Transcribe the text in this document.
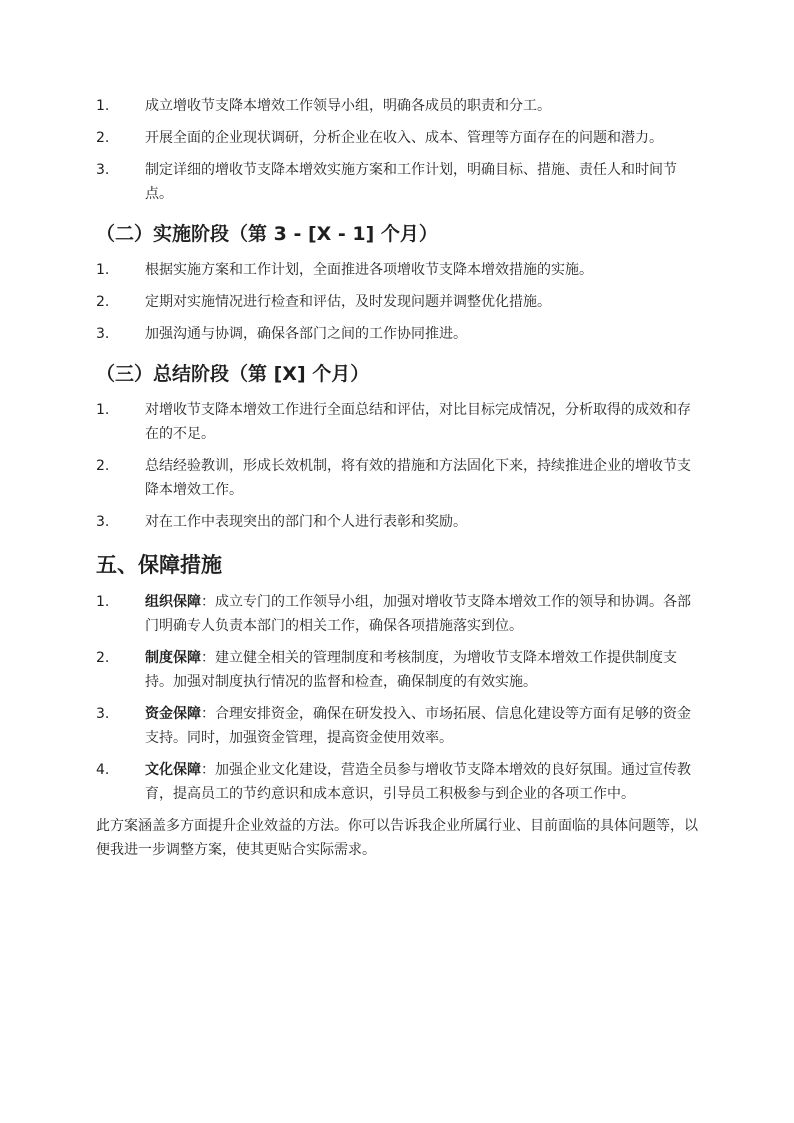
1.	成立增收节支降本增效工作领导小组，明确各成员的职责和分工。
2.	开展全面的企业现状调研，分析企业在收入、成本、管理等方面存在的问题和潜力。
3.	制定详细的增收节支降本增效实施方案和工作计划，明确目标、措施、责任人和时间节点。
（二）实施阶段（第 3 - [X - 1] 个月）
1.	根据实施方案和工作计划，全面推进各项增收节支降本增效措施的实施。
2.	定期对实施情况进行检查和评估，及时发现问题并调整优化措施。
3.	加强沟通与协调，确保各部门之间的工作协同推进。
（三）总结阶段（第 [X] 个月）
1.	对增收节支降本增效工作进行全面总结和评估，对比目标完成情况，分析取得的成效和存在的不足。
2.	总结经验教训，形成长效机制，将有效的措施和方法固化下来，持续推进企业的增收节支降本增效工作。
3.	对在工作中表现突出的部门和个人进行表彰和奖励。
五、保障措施
1.	组织保障：成立专门的工作领导小组，加强对增收节支降本增效工作的领导和协调。各部门明确专人负责本部门的相关工作，确保各项措施落实到位。
2.	制度保障：建立健全相关的管理制度和考核制度，为增收节支降本增效工作提供制度支持。加强对制度执行情况的监督和检查，确保制度的有效实施。
3.	资金保障：合理安排资金，确保在研发投入、市场拓展、信息化建设等方面有足够的资金支持。同时，加强资金管理，提高资金使用效率。
4.	文化保障：加强企业文化建设，营造全员参与增收节支降本增效的良好氛围。通过宣传教育，提高员工的节约意识和成本意识，引导员工积极参与到企业的各项工作中。

此方案涵盖多方面提升企业效益的方法。你可以告诉我企业所属行业、目前面临的具体问题等，以便我进一步调整方案，使其更贴合实际需求。
